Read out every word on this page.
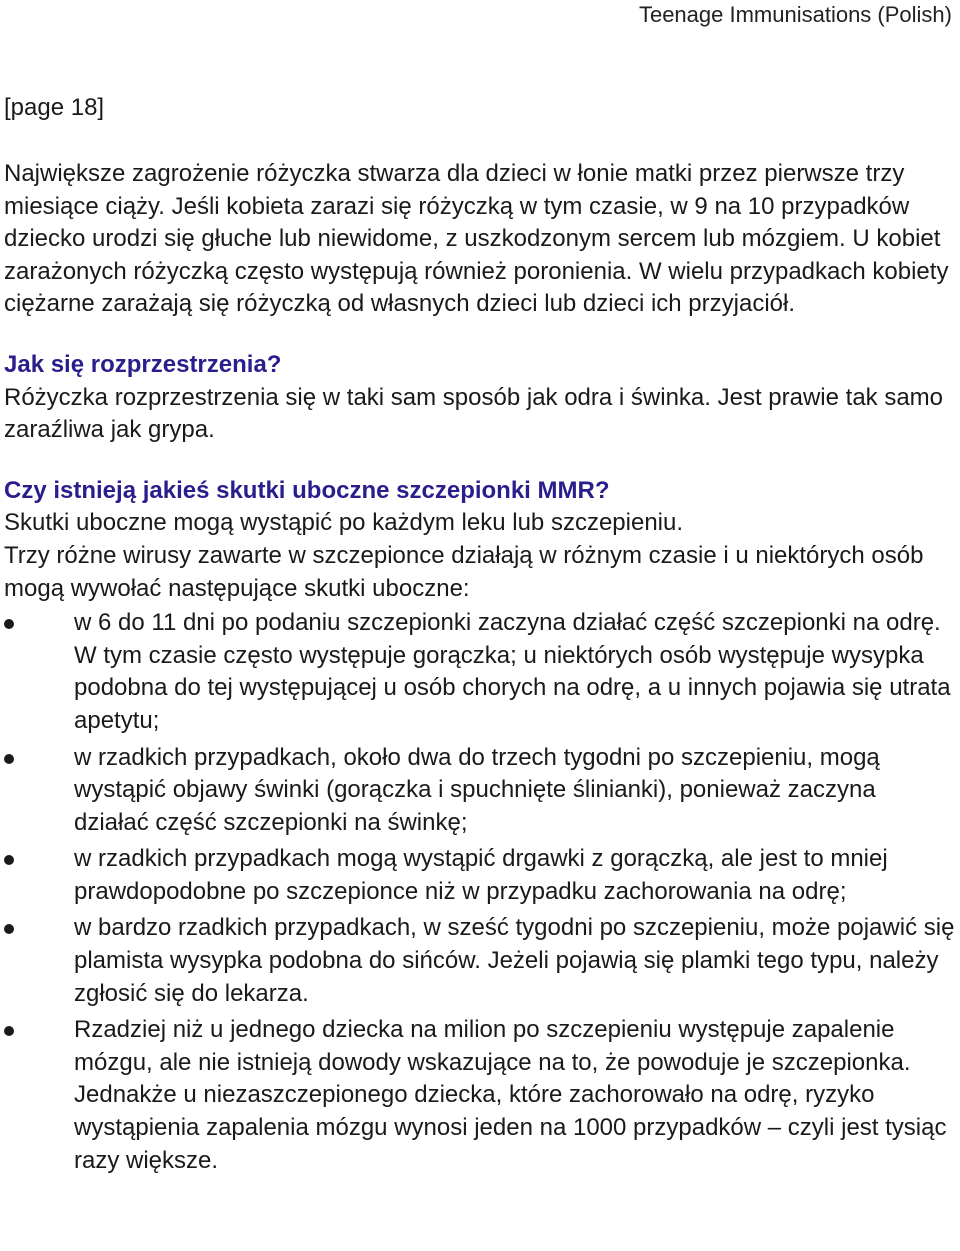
Teenage Immunisations (Polish)
[page 18]

Największe zagrożenie różyczka stwarza dla dzieci w łonie matki przez pierwsze trzy miesiące ciąży. Jeśli kobieta zarazi się różyczką w tym czasie, w 9 na 10 przypadków dziecko urodzi się głuche lub niewidome, z uszkodzonym sercem lub mózgiem. U kobiet zarażonych różyczką często występują również poronienia. W wielu przypadkach kobiety ciężarne zarażają się różyczką od własnych dzieci lub dzieci ich przyjaciół.

Jak się rozprzestrzenia?

Różyczka rozprzestrzenia się w taki sam sposób jak odra i świnka. Jest prawie tak samo zaraźliwa jak grypa.

Czy istnieją jakieś skutki uboczne szczepionki MMR?

Skutki uboczne mogą wystąpić po każdym leku lub szczepieniu.

Trzy różne wirusy zawarte w szczepionce działają w różnym czasie i u niektórych osób mogą wywołać następujące skutki uboczne:

w 6 do 11 dni po podaniu szczepionki zaczyna działać część szczepionki na odrę. W tym czasie często występuje gorączka; u niektórych osób występuje wysypka podobna do tej występującej u osób chorych na odrę, a u innych pojawia się utrata apetytu;
w rzadkich przypadkach, około dwa do trzech tygodni po szczepieniu, mogą wystąpić objawy świnki (gorączka i spuchnięte ślinianki), ponieważ zaczyna działać część szczepionki na świnkę;
w rzadkich przypadkach mogą wystąpić drgawki z gorączką, ale jest to mniej prawdopodobne po szczepionce niż w przypadku zachorowania na odrę;
w bardzo rzadkich przypadkach, w sześć tygodni po szczepieniu, może pojawić się plamista wysypka podobna do sińców. Jeżeli pojawią się plamki tego typu, należy zgłosić się do lekarza.
Rzadziej niż u jednego dziecka na milion po szczepieniu występuje zapalenie mózgu, ale nie istnieją dowody wskazujące na to, że powoduje je szczepionka. Jednakże u niezaszczepionego dziecka, które zachorowało na odrę, ryzyko wystąpienia zapalenia mózgu wynosi jeden na 1000 przypadków – czyli jest tysiąc razy większe.
